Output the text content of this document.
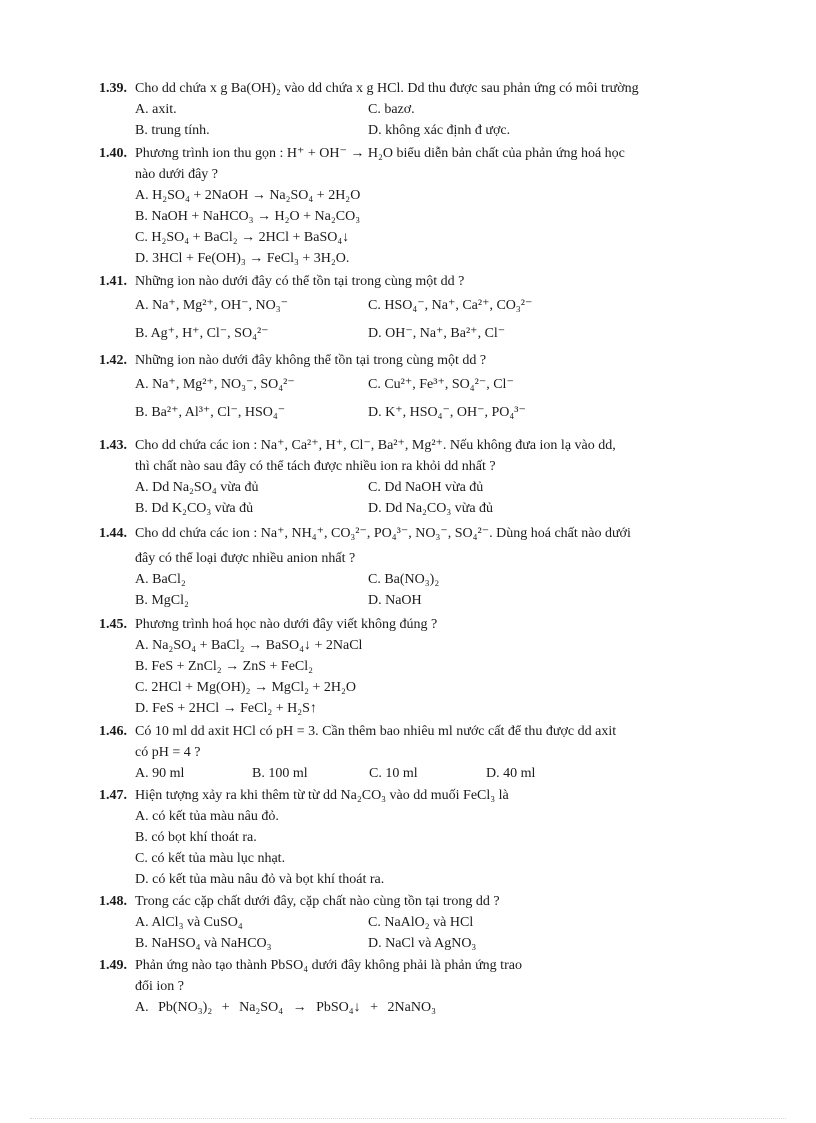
1.39. Cho dd chứa x g Ba(OH)₂ vào dd chứa x g HCl. Dd thu được sau phản ứng có môi trường
A. axit.	C. bazơ.
B. trung tính.	D. không xác định đ ược.
1.40. Phương trình ion thu gọn : H⁺ + OH⁻ → H₂O biểu diễn bản chất của phản ứng hoá học
nào dưới đây ?
A. H₂SO₄ + 2NaOH → Na₂SO₄ + 2H₂O
B. NaOH + NaHCO₃ → H₂O + Na₂CO₃
C. H₂SO₄ + BaCl₂ → 2HCl + BaSO₄↓
D. 3HCl + Fe(OH)₃ → FeCl₃ + 3H₂O.
1.41. Những ion nào dưới đây có thể tồn tại trong cùng một dd ?
A. Na⁺, Mg²⁺, OH⁻, NO₃⁻	C. HSO₄⁻, Na⁺, Ca²⁺, CO₃²⁻
B. Ag⁺, H⁺, Cl⁻, SO₄²⁻	D. OH⁻, Na⁺, Ba²⁺, Cl⁻
1.42. Những ion nào dưới đây không thể tồn tại trong cùng một dd ?
A. Na⁺, Mg²⁺, NO₃⁻, SO₄²⁻	C. Cu²⁺, Fe³⁺, SO₄²⁻, Cl⁻
B. Ba²⁺, Al³⁺, Cl⁻, HSO₄⁻	D. K⁺, HSO₄⁻, OH⁻, PO₄³⁻
1.43. Cho dd chứa các ion : Na⁺, Ca²⁺, H⁺, Cl⁻, Ba²⁺, Mg²⁺. Nếu không đưa ion lạ vào dd,
thì chất nào sau đây có thể tách được nhiều ion ra khỏi dd nhất ?
A. Dd Na₂SO₄ vừa đủ	C. Dd NaOH vừa đủ
B. Dd K₂CO₃ vừa đủ	D. Dd Na₂CO₃ vừa đủ
1.44. Cho dd chứa các ion : Na⁺, NH₄⁺, CO₃²⁻, PO₄³⁻, NO₃⁻, SO₄²⁻. Dùng hoá chất nào dưới
đây có thể loại được nhiều anion nhất ?
A. BaCl₂	C. Ba(NO₃)₂
B. MgCl₂	D. NaOH
1.45. Phương trình hoá học nào dưới đây viết không đúng ?
A. Na₂SO₄ + BaCl₂ → BaSO₄↓ + 2NaCl
B. FeS + ZnCl₂ → ZnS + FeCl₂
C. 2HCl + Mg(OH)₂ → MgCl₂ + 2H₂O
D. FeS + 2HCl → FeCl₂ + H₂S↑
1.46. Có 10 ml dd axit HCl có pH = 3. Cần thêm bao nhiêu ml nước cất để thu được dd axit
có pH = 4 ?
A. 90 ml	B. 100 ml	C. 10 ml	D. 40 ml
1.47. Hiện tượng xảy ra khi thêm từ từ dd Na₂CO₃ vào dd muối FeCl₃ là
A. có kết tủa màu nâu đỏ.
B. có bọt khí thoát ra.
C. có kết tủa màu lục nhạt.
D. có kết tủa màu nâu đỏ và bọt khí thoát ra.
1.48. Trong các cặp chất dưới đây, cặp chất nào cùng tồn tại trong dd ?
A. AlCl₃ và CuSO₄	C. NaAlO₂ và HCl
B. NaHSO₄ và NaHCO₃	D. NaCl và AgNO₃
1.49. Phản ứng nào tạo thành PbSO₄ dưới đây không phải là phản ứng trao
đổi ion ?
A. Pb(NO₃)₂ + Na₂SO₄ → PbSO₄↓ + 2NaNO₃
